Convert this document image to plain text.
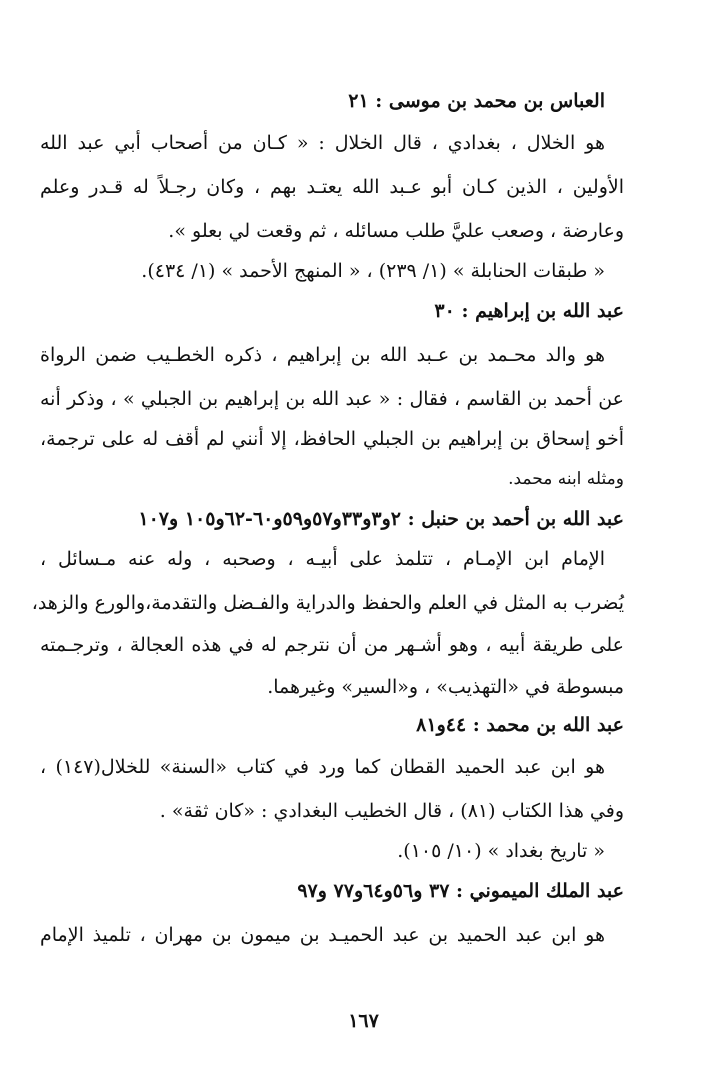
العباس بن محمد بن موسى : ٢١
هو الخلال ، بغدادي ، قال الخلال : « كـان من أصحاب أبي عبد الله
الأولين ، الذين كـان أبو عـبد الله يعتـد بهم ، وكان رجـلاً له قـدر وعلم
وعارضة ، وصعب عليَّ طلب مسائله ، ثم وقعت لي بعلو ».
« طبقات الحنابلة » (١/ ٢٣٩) ، « المنهج الأحمد » (١/ ٤٣٤).
عبد الله بن إبراهيم : ٣٠
هو والد محـمد بن عـبد الله بن إبراهيم ، ذكره الخطـيب ضمن الرواة
عن أحمد بن القاسم ، فقال : « عبد الله بن إبراهيم بن الجبلي » ، وذكر أنه
أخو إسحاق بن إبراهيم بن الجبلي الحافظ، إلا أنني لم أقف له على ترجمة،
ومثله ابنه محمد.
عبد الله بن أحمد بن حنبل : ٢و٣و٣٣و٥٧و٥٩و٦٠-٦٢و١٠٥ و١٠٧
الإمام ابن الإمـام ، تتلمذ على أبيـه ، وصحبه ، وله عنه مـسائل ،
يُضرب به المثل في العلم والحفظ والدراية والفـضل والتقدمة،والورع والزهد،
على طريقة أبيه ، وهو أشـهر من أن نترجم له في هذه العجالة ، وترجـمته
مبسوطة في «التهذيب» ، و«السير» وغيرهما.
عبد الله بن محمد : ٤٤و٨١
هو ابن عبد الحميد القطان كما ورد في كتاب «السنة» للخلال(١٤٧) ،
وفي هذا الكتاب (٨١) ، قال الخطيب البغدادي : «كان ثقة» .
« تاريخ بغداد » (١٠/ ١٠٥).
عبد الملك الميموني : ٣٧ و٥٦و٦٤و٧٧ و٩٧
هو ابن عبد الحميد بن عبد الحميـد بن ميمون بن مهران ، تلميذ الإمام
١٦٧
